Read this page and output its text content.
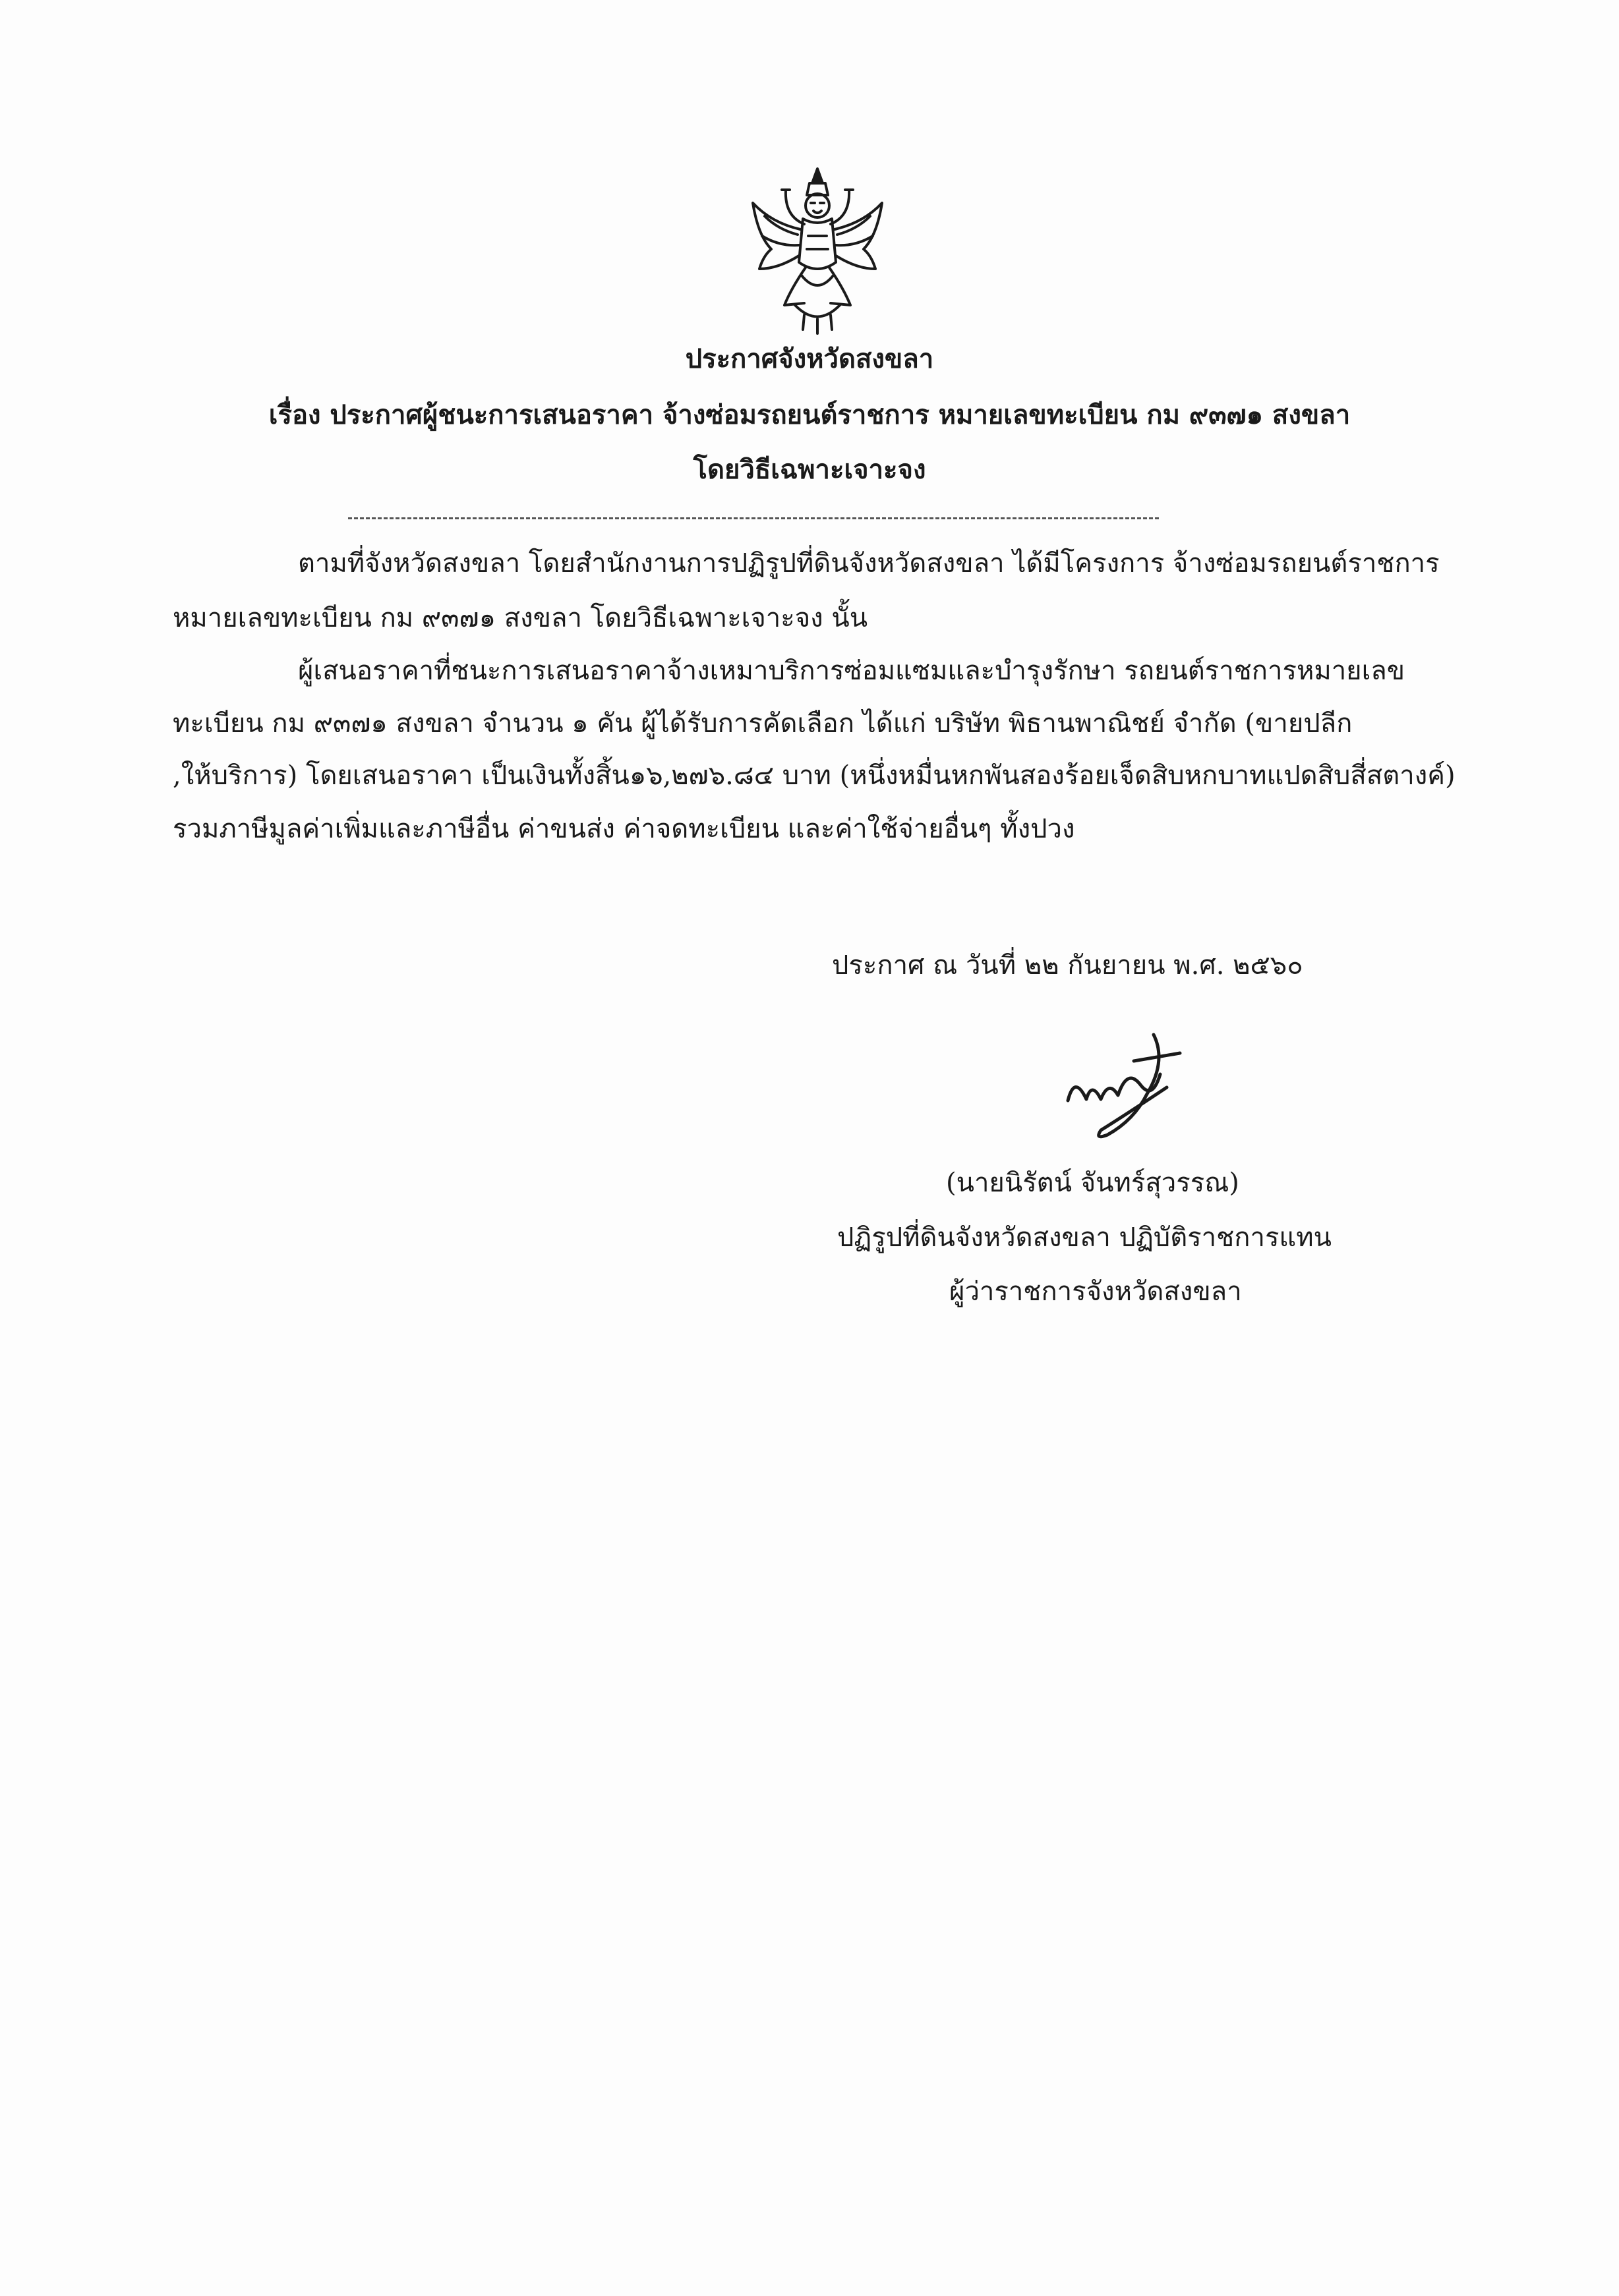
ประกาศจังหวัดสงขลา
เรื่อง ประกาศผู้ชนะการเสนอราคา จ้างซ่อมรถยนต์ราชการ หมายเลขทะเบียน กม ๙๓๗๑ สงขลา
โดยวิธีเฉพาะเจาะจง
ตามที่จังหวัดสงขลา โดยสำนักงานการปฏิรูปที่ดินจังหวัดสงขลา ได้มีโครงการ จ้างซ่อมรถยนต์ราชการ
หมายเลขทะเบียน กม ๙๓๗๑ สงขลา โดยวิธีเฉพาะเจาะจง นั้น
ผู้เสนอราคาที่ชนะการเสนอราคาจ้างเหมาบริการซ่อมแซมและบำรุงรักษา รถยนต์ราชการหมายเลข
ทะเบียน กม ๙๓๗๑ สงขลา จำนวน ๑ คัน ผู้ได้รับการคัดเลือก ได้แก่ บริษัท พิธานพาณิชย์ จำกัด (ขายปลีก
,ให้บริการ) โดยเสนอราคา เป็นเงินทั้งสิ้น๑๖,๒๗๖.๘๔ บาท (หนึ่งหมื่นหกพันสองร้อยเจ็ดสิบหกบาทแปดสิบสี่สตางค์)
รวมภาษีมูลค่าเพิ่มและภาษีอื่น ค่าขนส่ง ค่าจดทะเบียน และค่าใช้จ่ายอื่นๆ ทั้งปวง
ประกาศ ณ วันที่ ๒๒ กันยายน พ.ศ. ๒๕๖๐
(นายนิรัตน์ จันทร์สุวรรณ)
ปฏิรูปที่ดินจังหวัดสงขลา ปฏิบัติราชการแทน
ผู้ว่าราชการจังหวัดสงขลา
